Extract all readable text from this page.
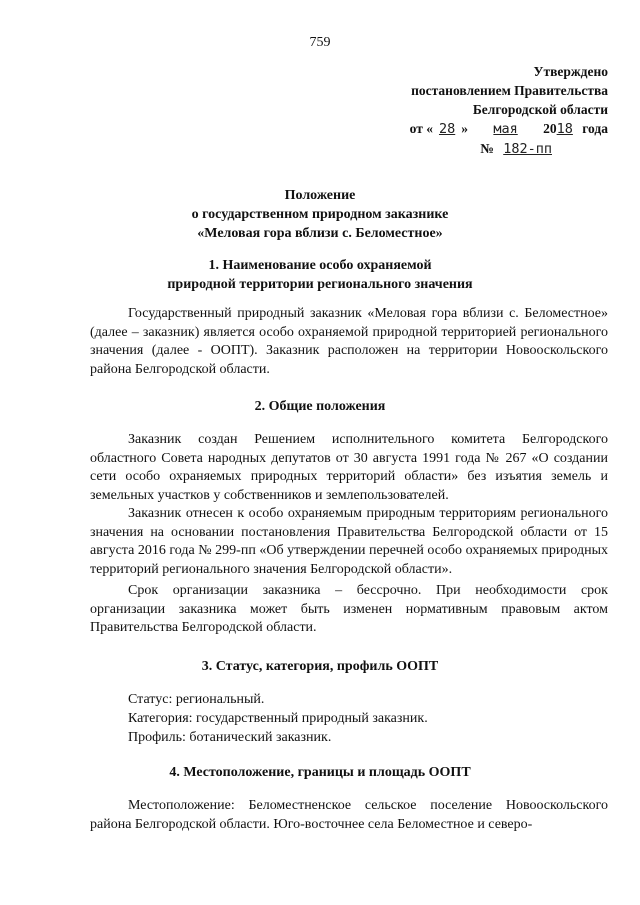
759
Утверждено
постановлением Правительства
Белгородской области
от « 28 » мая 2018 года
№ 182-пп
Положение
о государственном природном заказнике
«Меловая гора вблизи с. Беломестное»
1. Наименование особо охраняемой
природной территории регионального значения

Государственный природный заказник «Меловая гора вблизи с. Беломестное» (далее – заказник) является особо охраняемой природной территорией регионального значения (далее - ООПТ). Заказник расположен на территории Новооскольского района Белгородской области.

2. Общие положения

Заказник создан Решением исполнительного комитета Белгородского областного Совета народных депутатов от 30 августа 1991 года № 267 «О создании сети особо охраняемых природных территорий области» без изъятия земель и земельных участков у собственников и землепользователей.

Заказник отнесен к особо охраняемым природным территориям регионального значения на основании постановления Правительства Белгородской области от 15 августа 2016 года № 299-пп «Об утверждении перечней особо охраняемых природных территорий регионального значения Белгородской области».

Срок организации заказника – бессрочно. При необходимости срок организации заказника может быть изменен нормативным правовым актом Правительства Белгородской области.

3. Статус, категория, профиль ООПТ

Статус: региональный.

Категория: государственный природный заказник.

Профиль: ботанический заказник.

4. Местоположение, границы и площадь ООПТ

Местоположение: Беломестненское сельское поселение Новооскольского района Белгородской области. Юго-восточнее села Беломестное и северо-
